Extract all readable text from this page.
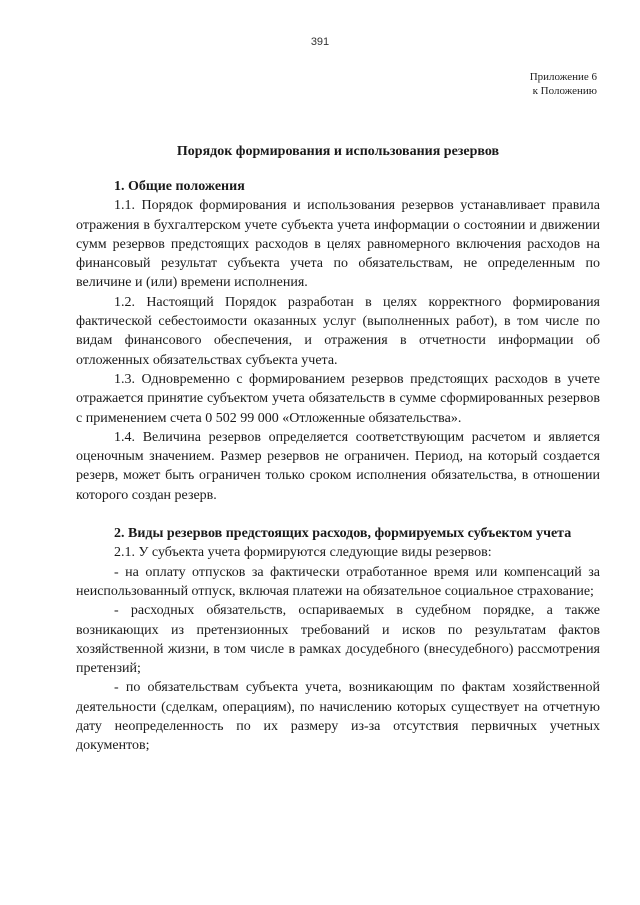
391
Приложение 6
к Положению
Порядок формирования и использования резервов

1. Общие положения

1.1. Порядок формирования и использования резервов устанавливает правила отражения в бухгалтерском учете субъекта учета информации о состоянии и движении сумм резервов предстоящих расходов в целях равномерного включения расходов на финансовый результат субъекта учета по обязательствам, не определенным по величине и (или) времени исполнения.

1.2. Настоящий Порядок разработан в целях корректного формирования фактической себестоимости оказанных услуг (выполненных работ), в том числе по видам финансового обеспечения, и отражения в отчетности информации об отложенных обязательствах субъекта учета.

1.3. Одновременно с формированием резервов предстоящих расходов в учете отражается принятие субъектом учета обязательств в сумме сформированных резервов с применением счета 0 502 99 000 «Отложенные обязательства».

1.4. Величина резервов определяется соответствующим расчетом и является оценочным значением. Размер резервов не ограничен. Период, на который создается резерв, может быть ограничен только сроком исполнения обязательства, в отношении которого создан резерв.

2. Виды резервов предстоящих расходов, формируемых субъектом учета

2.1. У субъекта учета формируются следующие виды резервов:

- на оплату отпусков за фактически отработанное время или компенсаций за неиспользованный отпуск, включая платежи на обязательное социальное страхование;

- расходных обязательств, оспариваемых в судебном порядке, а также возникающих из претензионных требований и исков по результатам фактов хозяйственной жизни, в том числе в рамках досудебного (внесудебного) рассмотрения претензий;

- по обязательствам субъекта учета, возникающим по фактам хозяйственной деятельности (сделкам, операциям), по начислению которых существует на отчетную дату неопределенность по их размеру из-за отсутствия первичных учетных документов;
